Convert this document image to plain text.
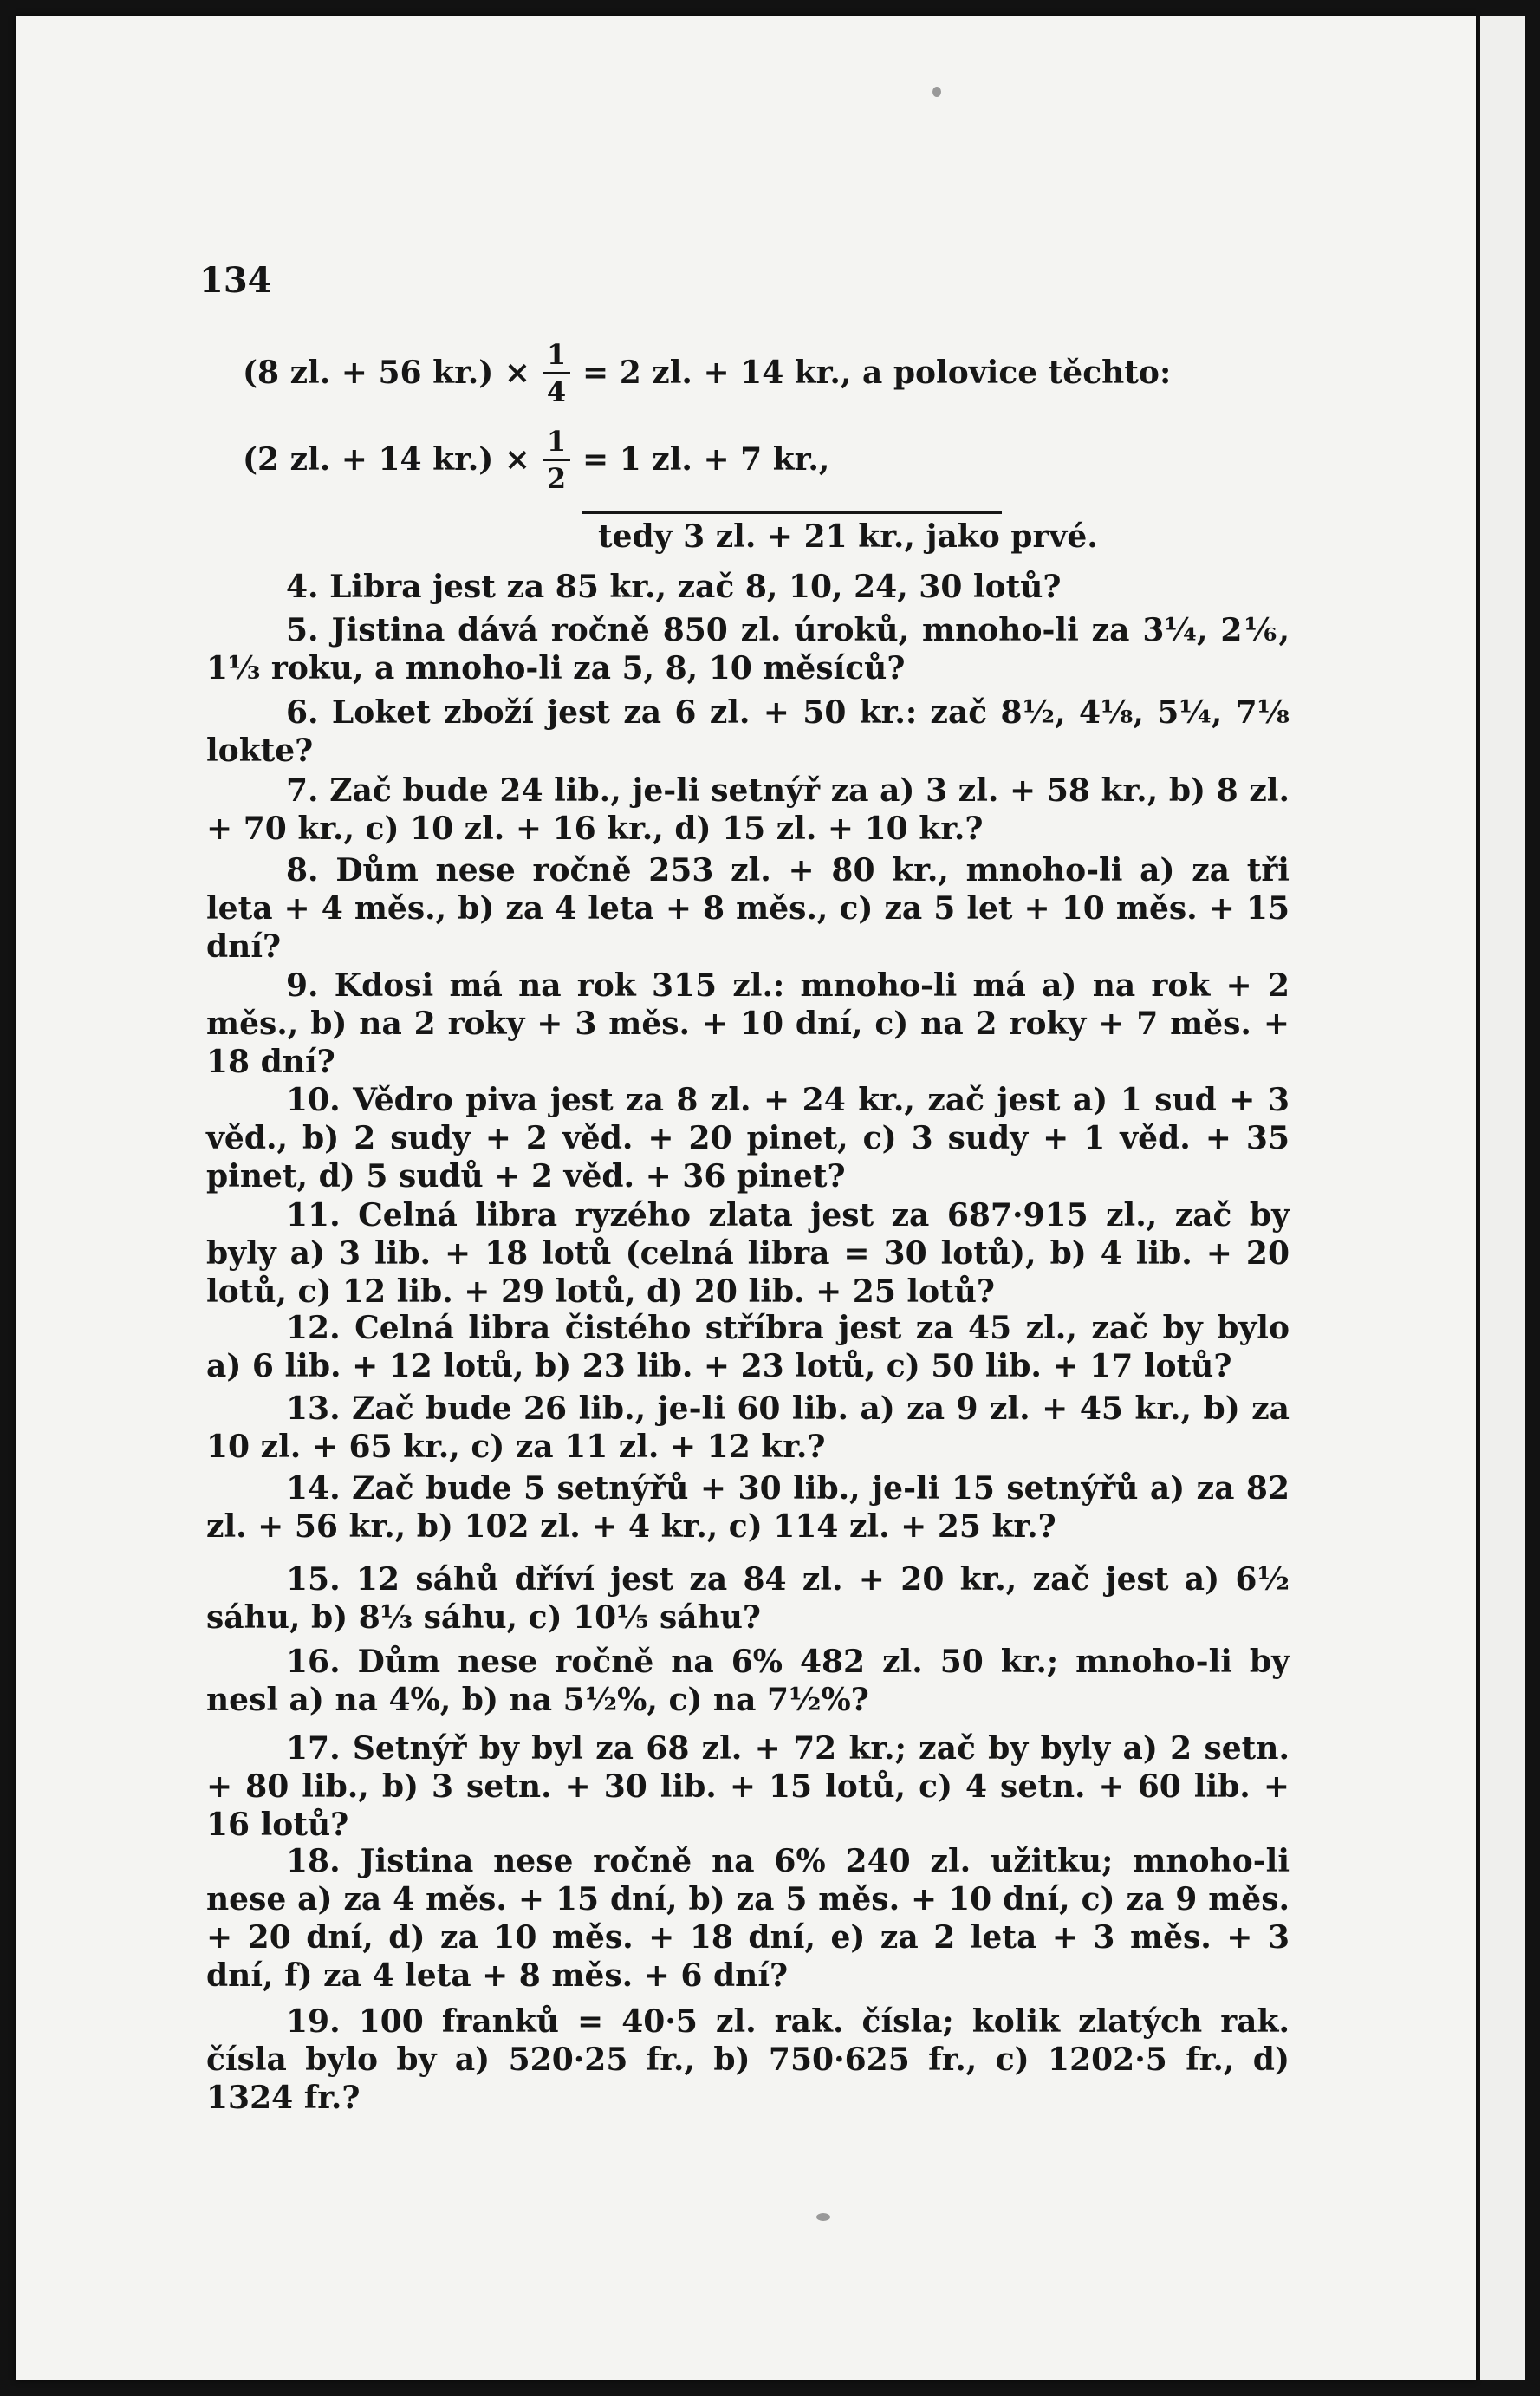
134
(8 zl. + 56 $kr.) \times \frac{1}{4} = 2$ zl. + 14 kr., a polovice těchto:
(2 zl. + 14 $kr.) \times \frac{1}{2} = 1$ zl. + 7 kr.,
tedy 3 zl. + 21 kr., jako prvé.
4. Libra jest za 85 kr., zač 8, 10, 24, 30 lotů?
5. Jistina dává ročně 850 zl. úroků, mnoho-li za 3¼, 2⅙, 1⅓ roku, a mnoho-li za 5, 8, 10 měsíců?
6. Loket zboží jest za 6 zl. + 50 kr.: zač 8½, 4⅛, 5¼, 7⅛ lokte?
7. Zač bude 24 lib., je-li setnýř za a) 3 zl. + 58 kr., b) 8 zl. + 70 kr., c) 10 zl. + 16 kr., d) 15 zl. + 10 kr.?
8. Dům nese ročně 253 zl. + 80 kr., mnoho-li a) za tři leta + 4 měs., b) za 4 leta + 8 měs., c) za 5 let + 10 měs. + 15 dní?
9. Kdosi má na rok 315 zl.: mnoho-li má a) na rok + 2 měs., b) na 2 roky + 3 měs. + 10 dní, c) na 2 roky + 7 měs. + 18 dní?
10. Vědro piva jest za 8 zl. + 24 kr., zač jest a) 1 sud + 3 věd., b) 2 sudy + 2 věd. + 20 pinet, c) 3 sudy + 1 věd. + 35 pinet, d) 5 sudů + 2 věd. + 36 pinet?
11. Celná libra ryzého zlata jest za 687·915 zl., zač by byly a) 3 lib. + 18 lotů (celná libra = 30 lotů), b) 4 lib. + 20 lotů, c) 12 lib. + 29 lotů, d) 20 lib. + 25 lotů?
12. Celná libra čistého stříbra jest za 45 zl., zač by bylo a) 6 lib. + 12 lotů, b) 23 lib. + 23 lotů, c) 50 lib. + 17 lotů?
13. Zač bude 26 lib., je-li 60 lib. a) za 9 zl. + 45 kr., b) za 10 zl. + 65 kr., c) za 11 zl. + 12 kr.?
14. Zač bude 5 setnýřů + 30 lib., je-li 15 setnýřů a) za 82 zl. + 56 kr., b) 102 zl. + 4 kr., c) 114 zl. + 25 kr.?
15. 12 sáhů dříví jest za 84 zl. + 20 kr., zač jest a) 6½ sáhu, b) 8⅓ sáhu, c) 10⅕ sáhu?
16. Dům nese ročně na 6% 482 zl. 50 kr.; mnoho-li by nesl a) na 4%, b) na 5½%, c) na 7½%?
17. Setnýř by byl za 68 zl. + 72 kr.; zač by byly a) 2 setn. + 80 lib., b) 3 setn. + 30 lib. + 15 lotů, c) 4 setn. + 60 lib. + 16 lotů?
18. Jistina nese ročně na 6% 240 zl. užitku; mnoho-li nese a) za 4 měs. + 15 dní, b) za 5 měs. + 10 dní, c) za 9 měs. + 20 dní, d) za 10 měs. + 18 dní, e) za 2 leta + 3 měs. + 3 dní, f) za 4 leta + 8 měs. + 6 dní?
19. 100 franků = 40·5 zl. rak. čísla; kolik zlatých rak. čísla bylo by a) 520·25 fr., b) 750·625 fr., c) 1202·5 fr., d) 1324 fr.?
